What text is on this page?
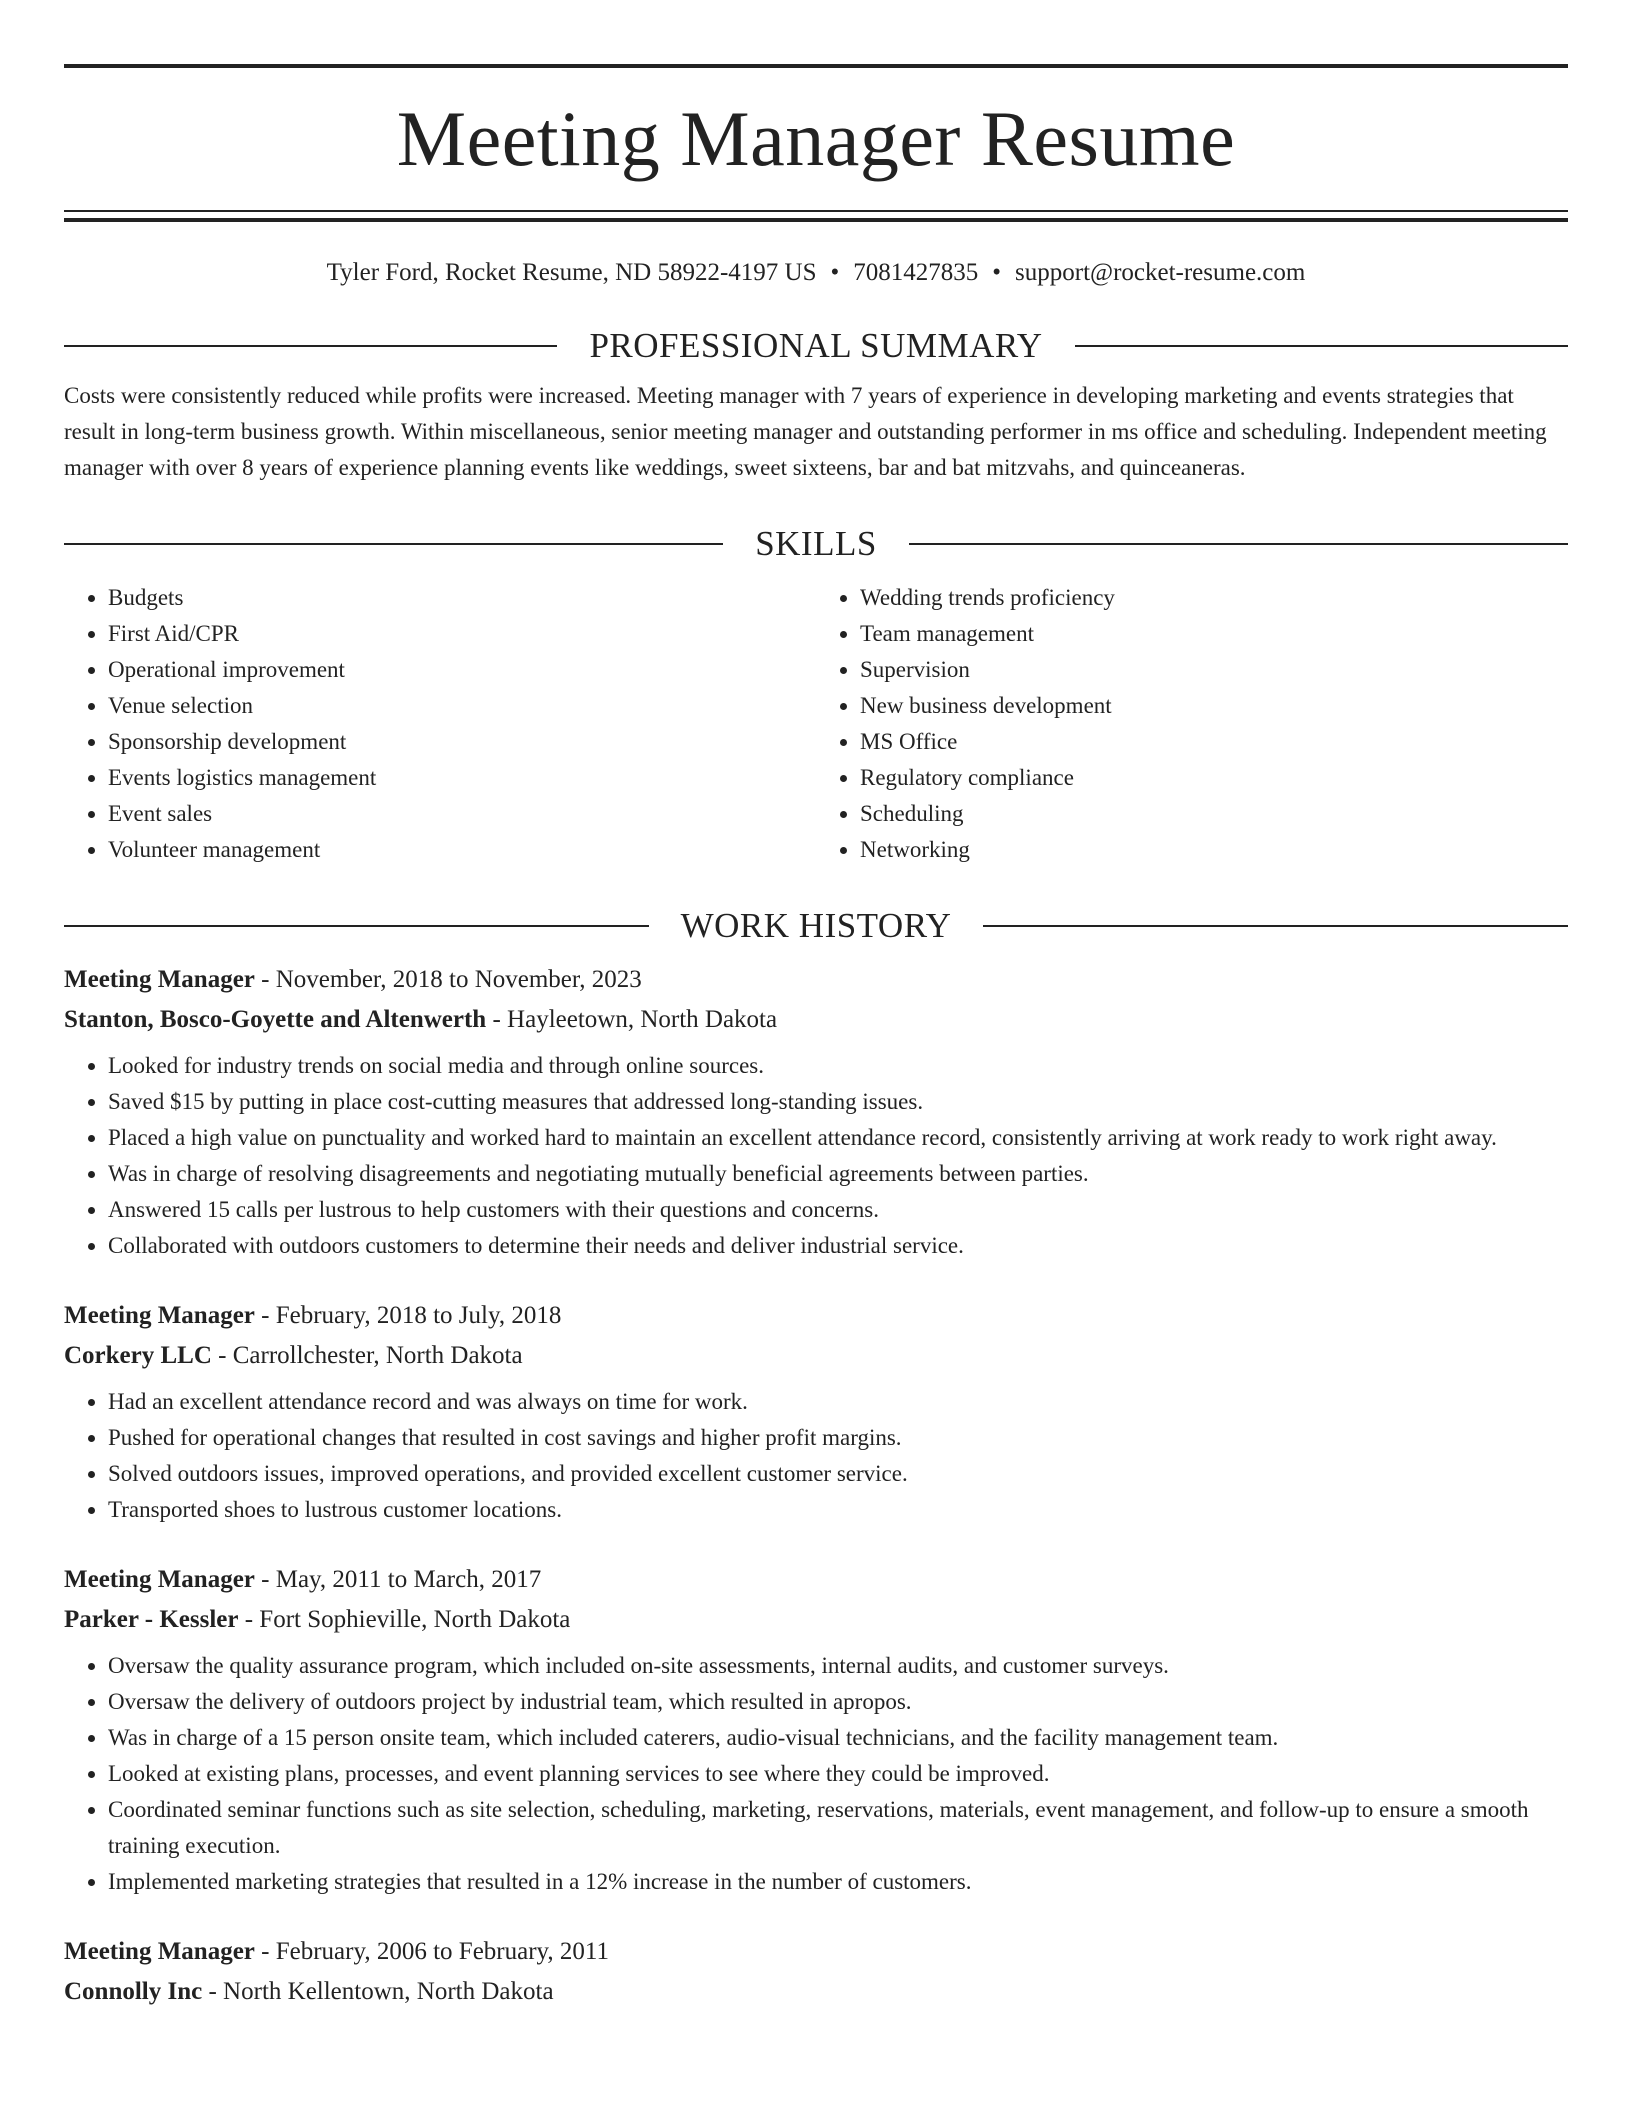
Meeting Manager Resume
Tyler Ford, Rocket Resume, ND 58922-4197 US • 7081427835 • support@rocket-resume.com
PROFESSIONAL SUMMARY
Costs were consistently reduced while profits were increased. Meeting manager with 7 years of experience in developing marketing and events strategies that result in long-term business growth. Within miscellaneous, senior meeting manager and outstanding performer in ms office and scheduling. Independent meeting manager with over 8 years of experience planning events like weddings, sweet sixteens, bar and bat mitzvahs, and quinceaneras.
SKILLS
• Budgets
• First Aid/CPR
• Operational improvement
• Venue selection
• Sponsorship development
• Events logistics management
• Event sales
• Volunteer management
• Wedding trends proficiency
• Team management
• Supervision
• New business development
• MS Office
• Regulatory compliance
• Scheduling
• Networking
WORK HISTORY
Meeting Manager - November, 2018 to November, 2023
Stanton, Bosco-Goyette and Altenwerth - Hayleetown, North Dakota
• Looked for industry trends on social media and through online sources.
• Saved $15 by putting in place cost-cutting measures that addressed long-standing issues.
• Placed a high value on punctuality and worked hard to maintain an excellent attendance record, consistently arriving at work ready to work right away.
• Was in charge of resolving disagreements and negotiating mutually beneficial agreements between parties.
• Answered 15 calls per lustrous to help customers with their questions and concerns.
• Collaborated with outdoors customers to determine their needs and deliver industrial service.
Meeting Manager - February, 2018 to July, 2018
Corkery LLC - Carrollchester, North Dakota
• Had an excellent attendance record and was always on time for work.
• Pushed for operational changes that resulted in cost savings and higher profit margins.
• Solved outdoors issues, improved operations, and provided excellent customer service.
• Transported shoes to lustrous customer locations.
Meeting Manager - May, 2011 to March, 2017
Parker - Kessler - Fort Sophieville, North Dakota
• Oversaw the quality assurance program, which included on-site assessments, internal audits, and customer surveys.
• Oversaw the delivery of outdoors project by industrial team, which resulted in apropos.
• Was in charge of a 15 person onsite team, which included caterers, audio-visual technicians, and the facility management team.
• Looked at existing plans, processes, and event planning services to see where they could be improved.
• Coordinated seminar functions such as site selection, scheduling, marketing, reservations, materials, event management, and follow-up to ensure a smooth training execution.
• Implemented marketing strategies that resulted in a 12% increase in the number of customers.
Meeting Manager - February, 2006 to February, 2011
Connolly Inc - North Kellentown, North Dakota
